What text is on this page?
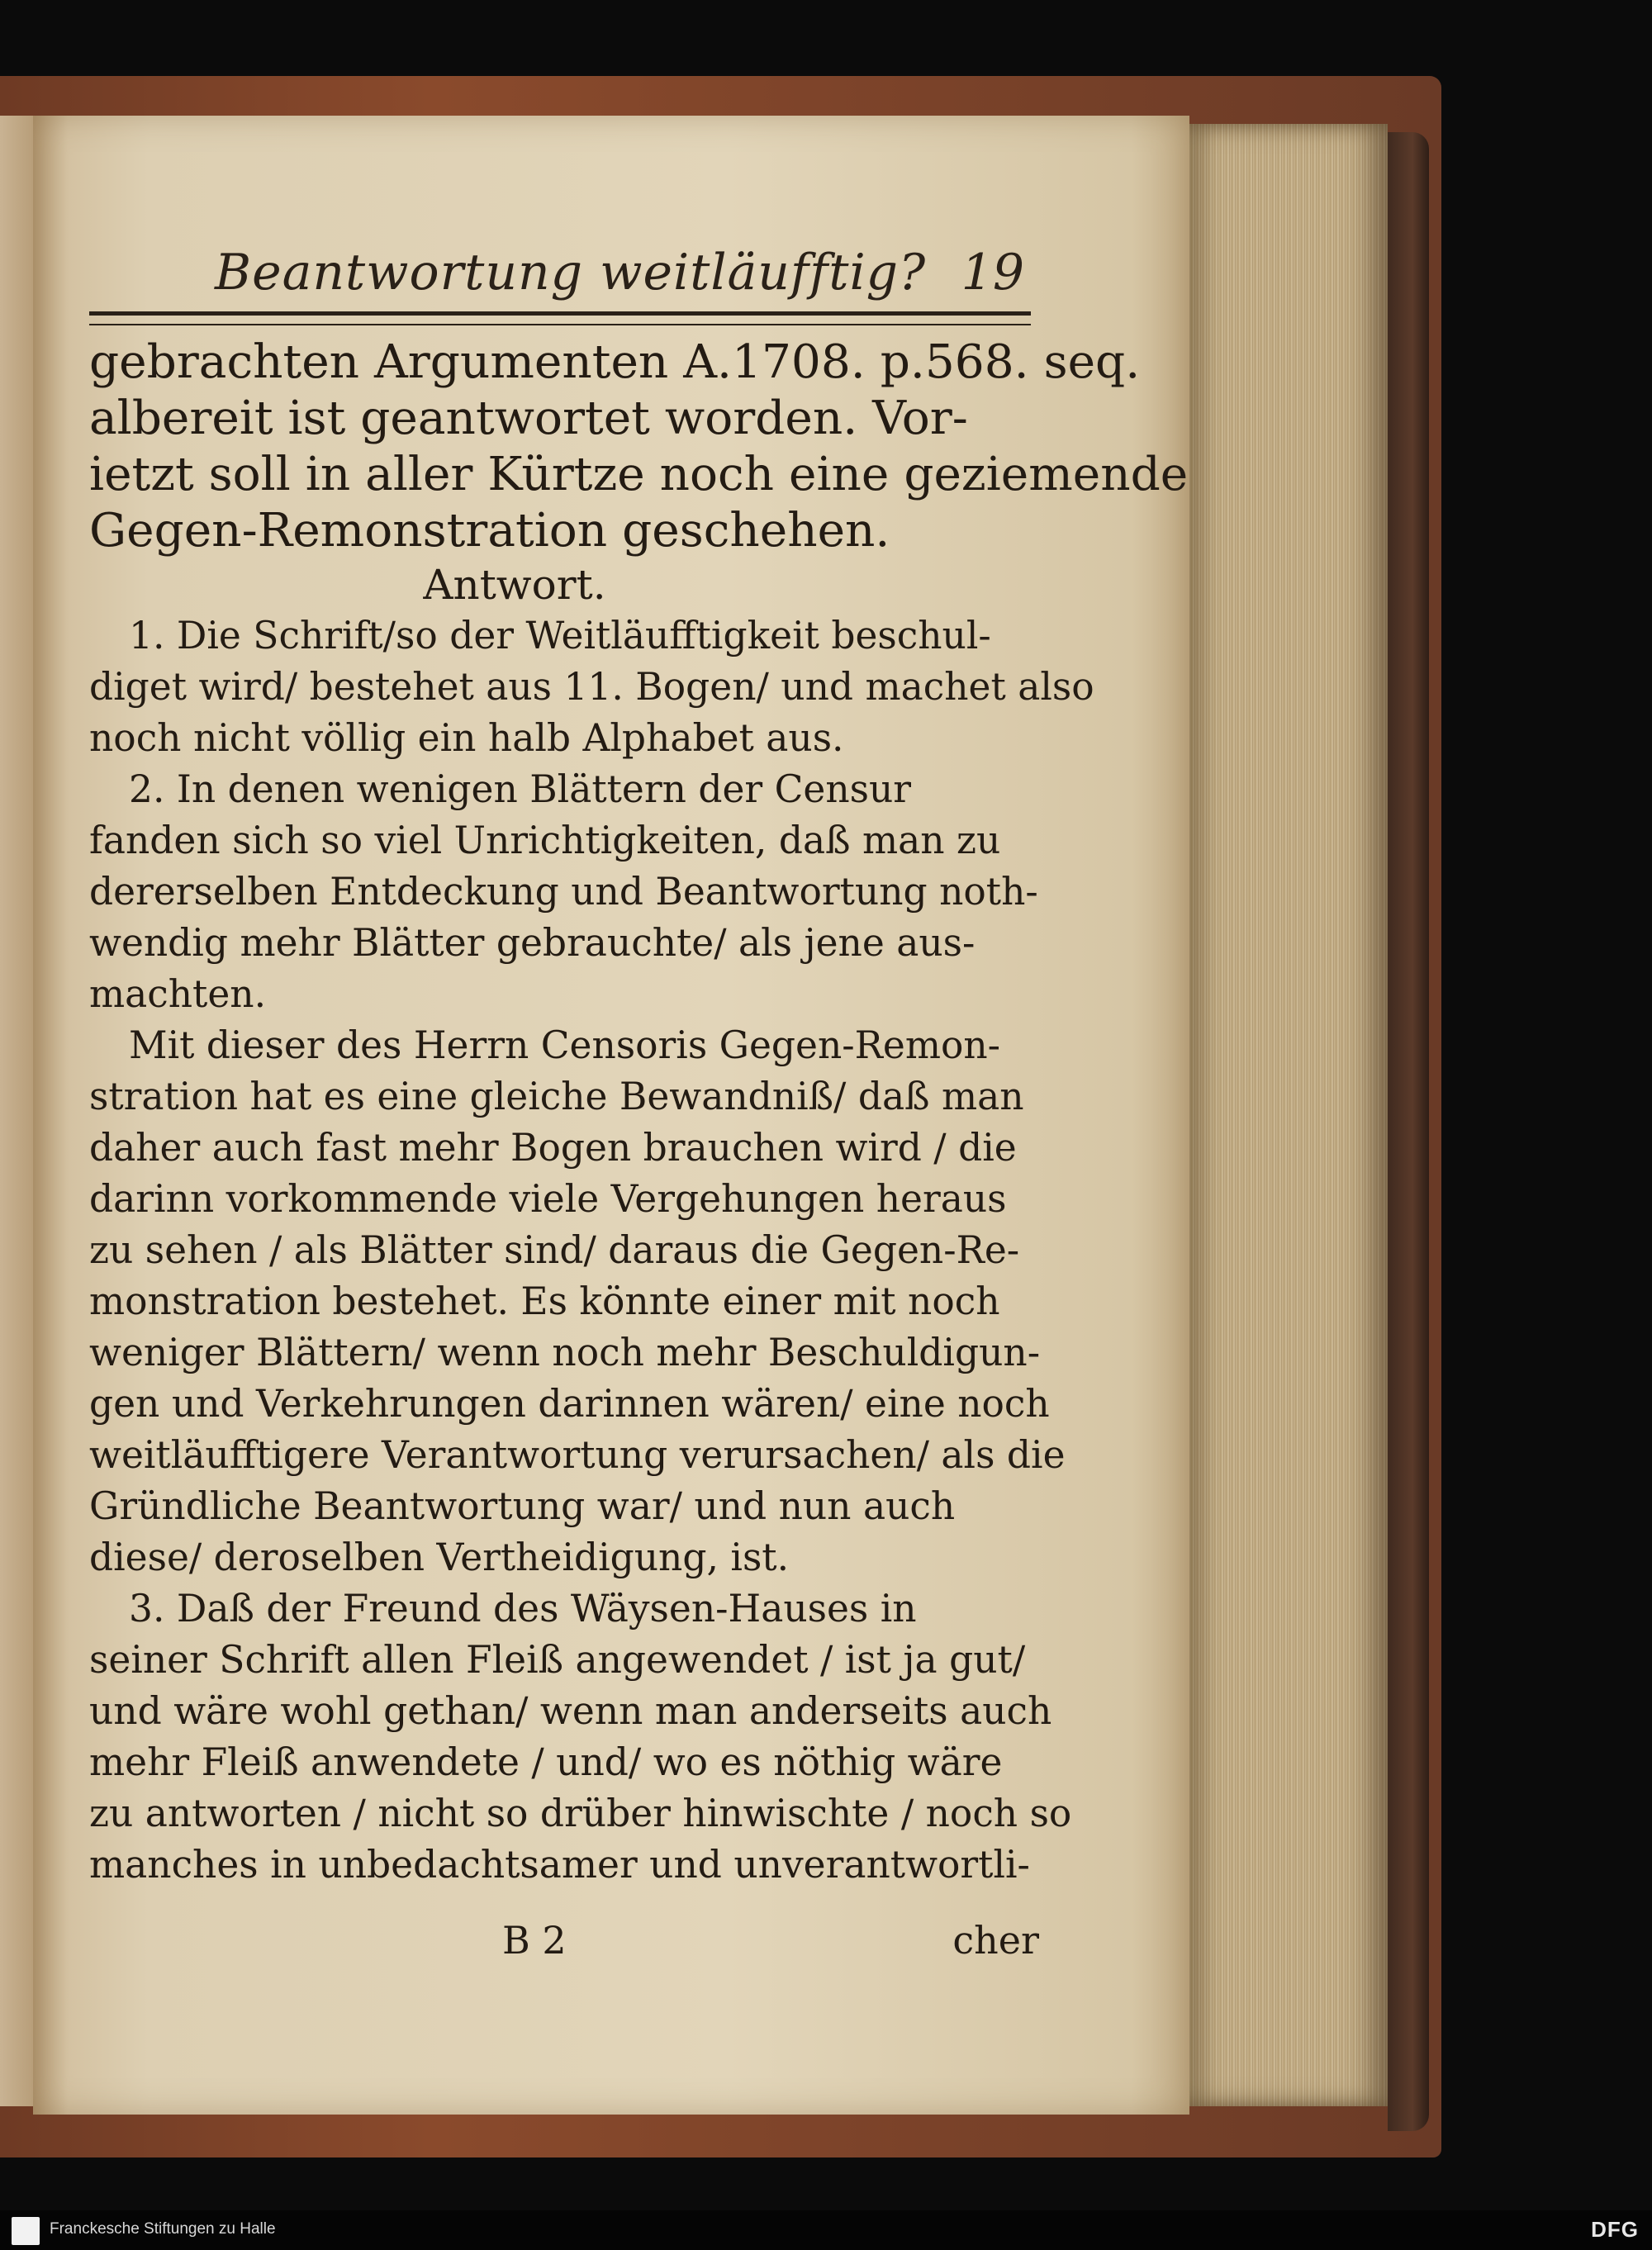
Beantwortung weitläufftig? 19
gebrachten Argumenten A.1708. p.568. seq.
albereit ist geantwortet worden. Vor-
ietzt soll in aller Kürtze noch eine geziemende
Gegen-Remonstration geschehen.
Antwort.
1. Die Schrift/so der Weitläufftigkeit beschul-
diget wird/ bestehet aus 11. Bogen/ und machet also
noch nicht völlig ein halb Alphabet aus.
2. In denen wenigen Blättern der Censur
fanden sich so viel Unrichtigkeiten, daß man zu
dererselben Entdeckung und Beantwortung noth-
wendig mehr Blätter gebrauchte/ als jene aus-
machten.
Mit dieser des Herrn Censoris Gegen-Remon-
stration hat es eine gleiche Bewandniß/ daß man
daher auch fast mehr Bogen brauchen wird / die
darinn vorkommende viele Vergehungen heraus
zu sehen / als Blätter sind/ daraus die Gegen-Re-
monstration bestehet. Es könnte einer mit noch
weniger Blättern/ wenn noch mehr Beschuldigun-
gen und Verkehrungen darinnen wären/ eine noch
weitläufftigere Verantwortung verursachen/ als die
Gründliche Beantwortung war/ und nun auch
diese/ deroselben Vertheidigung, ist.
3. Daß der Freund des Wäysen-Hauses in
seiner Schrift allen Fleiß angewendet / ist ja gut/
und wäre wohl gethan/ wenn man anderseits auch
mehr Fleiß anwendete / und/ wo es nöthig wäre
zu antworten / nicht so drüber hinwischte / noch so
manches in unbedachtsamer und unverantwortli-
B 2	cher
Franckesche Stiftungen zu Halle	DFG
